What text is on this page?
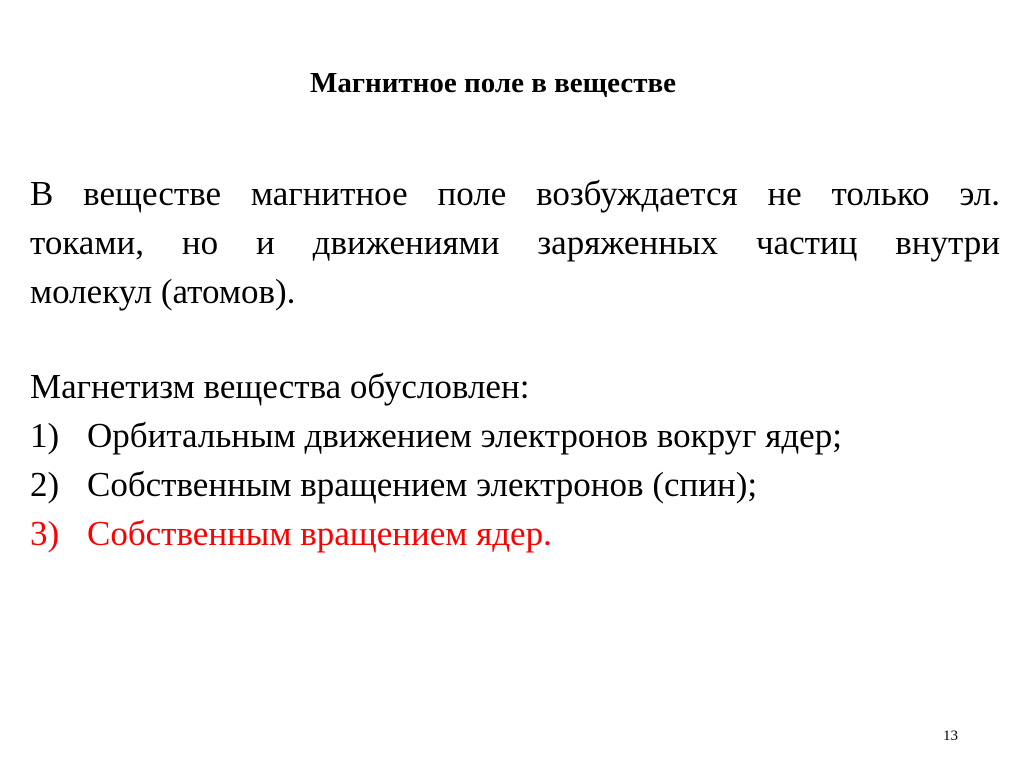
Магнитное поле в веществе
В веществе магнитное поле возбуждается не только эл.
токами, но и движениями заряженных частиц внутри
молекул (атомов).
Магнетизм вещества обусловлен:
1) Орбитальным движением электронов вокруг ядер;
2) Собственным вращением электронов (спин);
3) Собственным вращением ядер.
13
